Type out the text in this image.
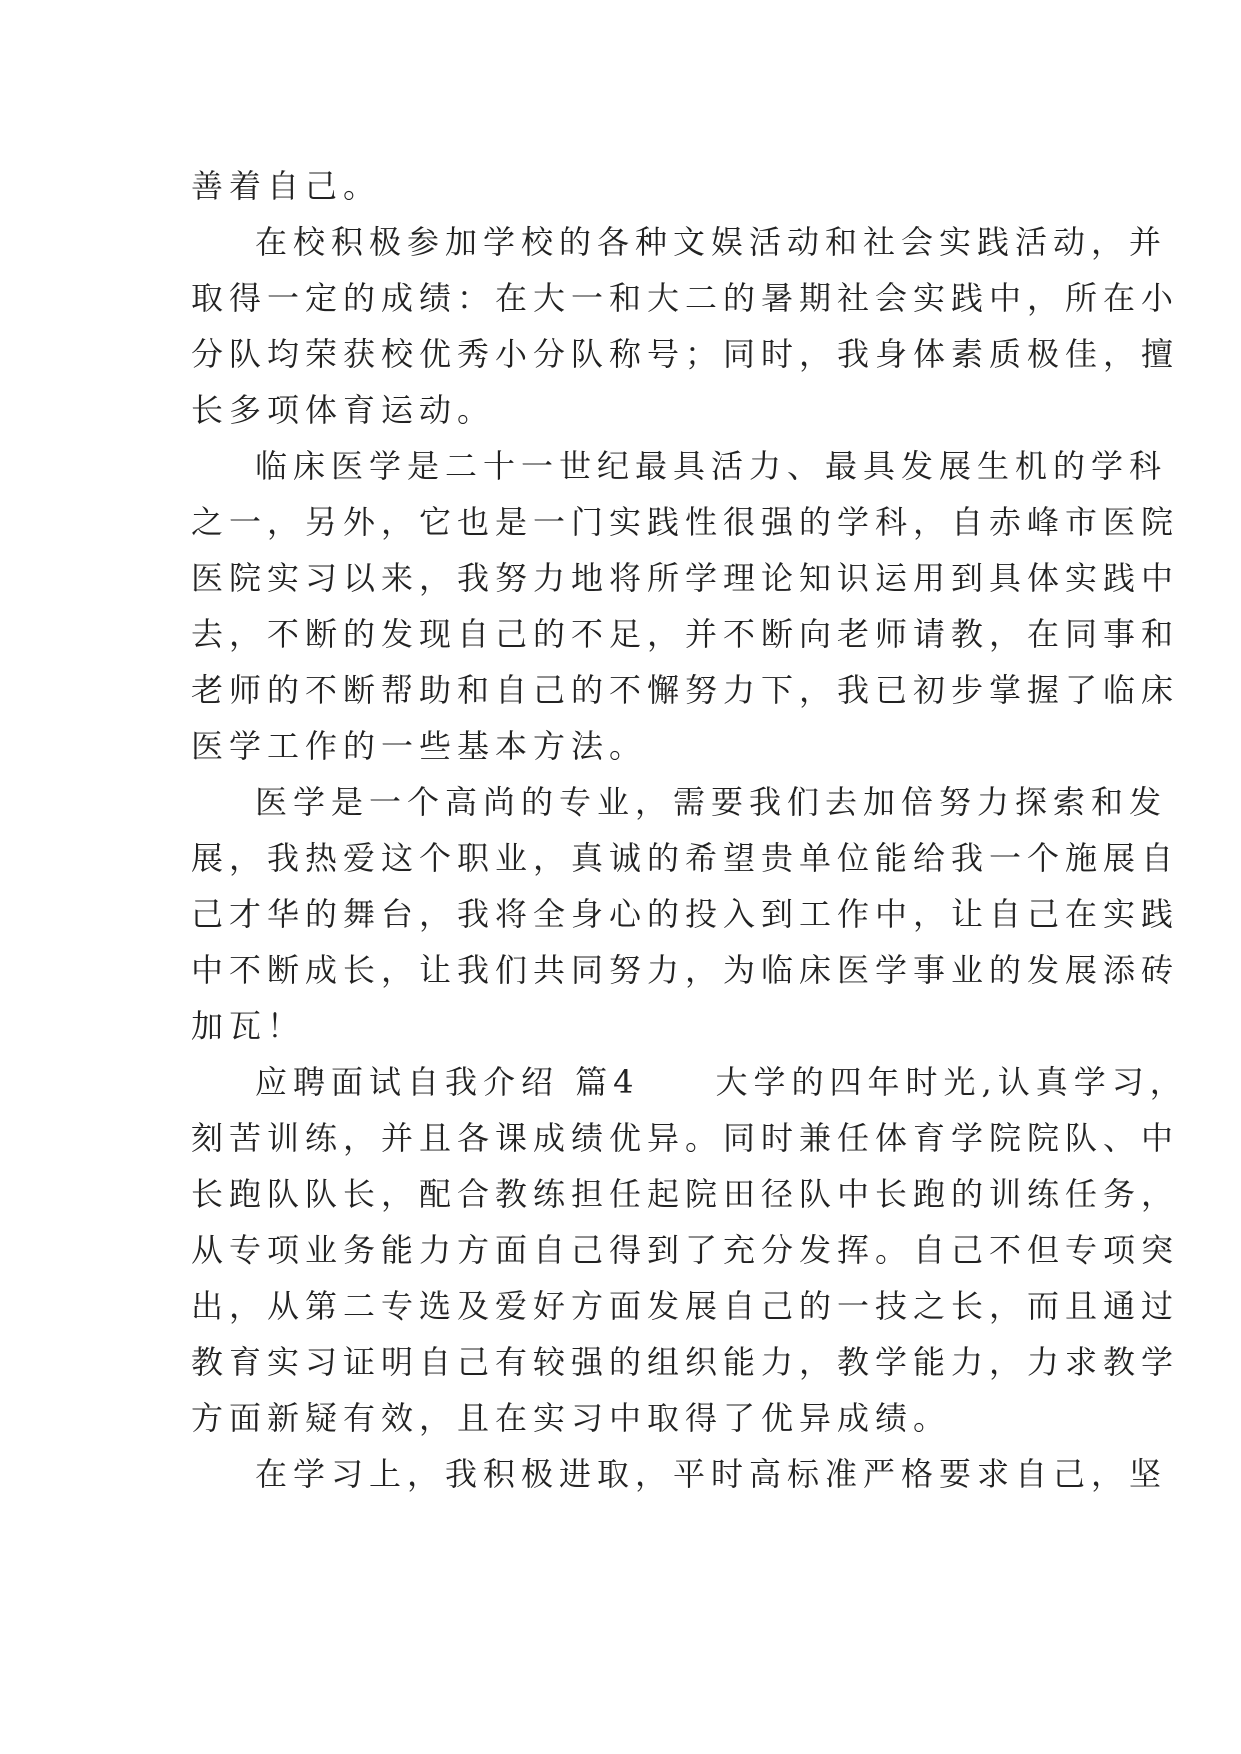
善着自己。
在校积极参加学校的各种文娱活动和社会实践活动，并
取得一定的成绩：在大一和大二的暑期社会实践中，所在小
分队均荣获校优秀小分队称号；同时，我身体素质极佳，擅
长多项体育运动。
临床医学是二十一世纪最具活力、最具发展生机的学科
之一，另外，它也是一门实践性很强的学科，自赤峰市医院
医院实习以来，我努力地将所学理论知识运用到具体实践中
去，不断的发现自己的不足，并不断向老师请教，在同事和
老师的不断帮助和自己的不懈努力下，我已初步掌握了临床
医学工作的一些基本方法。
医学是一个高尚的专业，需要我们去加倍努力探索和发
展，我热爱这个职业，真诚的希望贵单位能给我一个施展自
己才华的舞台，我将全身心的投入到工作中，让自己在实践
中不断成长，让我们共同努力，为临床医学事业的发展添砖
加瓦！
应聘面试自我介绍 篇4　　大学的四年时光,认真学习，
刻苦训练，并且各课成绩优异。同时兼任体育学院院队、中
长跑队队长，配合教练担任起院田径队中长跑的训练任务，
从专项业务能力方面自己得到了充分发挥。自己不但专项突
出，从第二专选及爱好方面发展自己的一技之长，而且通过
教育实习证明自己有较强的组织能力，教学能力，力求教学
方面新疑有效，且在实习中取得了优异成绩。
在学习上，我积极进取，平时高标准严格要求自己，坚
